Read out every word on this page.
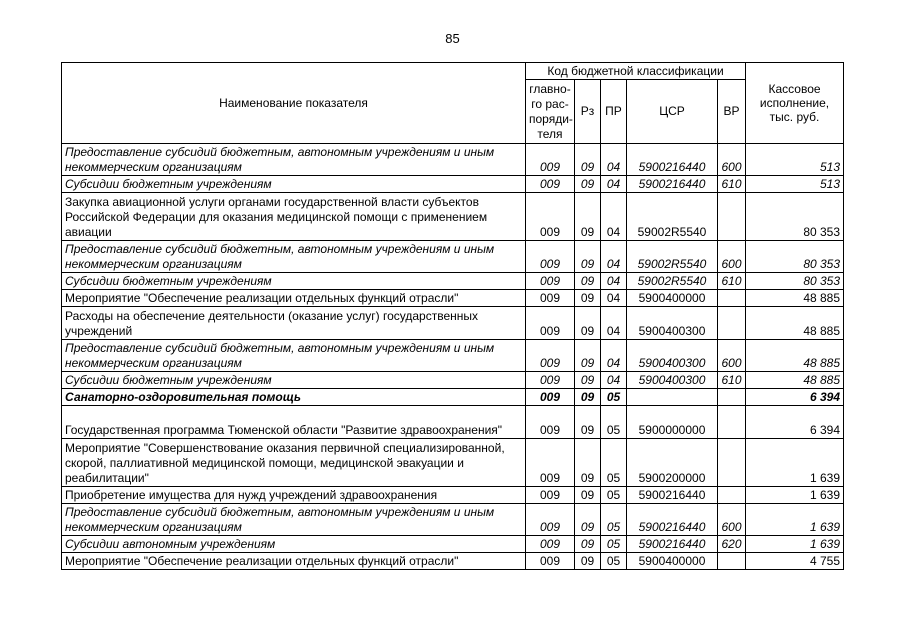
85
Наименование показателя	Код бюджетной классификации					Кассовое исполнение, тыс. руб.
	главно-го рас-поряди-теля	Рз	ПР	ЦСР	ВР	
Предоставление субсидий бюджетным, автономным учреждениям и иным некоммерческим организациям	009	09	04	5900216440	600	513
Субсидии бюджетным учреждениям	009	09	04	5900216440	610	513
Закупка авиационной услуги органами государственной власти субъектов Российской Федерации для оказания медицинской помощи с применением авиации	009	09	04	59002R5540		80 353
Предоставление субсидий бюджетным, автономным учреждениям и иным некоммерческим организациям	009	09	04	59002R5540	600	80 353
Субсидии бюджетным учреждениям	009	09	04	59002R5540	610	80 353
Мероприятие "Обеспечение реализации отдельных функций отрасли"	009	09	04	5900400000		48 885
Расходы на обеспечение деятельности (оказание услуг) государственных учреждений	009	09	04	5900400300		48 885
Предоставление субсидий бюджетным, автономным учреждениям и иным некоммерческим организациям	009	09	04	5900400300	600	48 885
Субсидии бюджетным учреждениям	009	09	04	5900400300	610	48 885
Санаторно-оздоровительная помощь	009	09	05			6 394
Государственная программа Тюменской области "Развитие здравоохранения"	009	09	05	5900000000		6 394
Мероприятие "Совершенствование оказания первичной специализированной, скорой, паллиативной медицинской помощи, медицинской эвакуации и реабилитации"	009	09	05	5900200000		1 639
Приобретение имущества для нужд учреждений здравоохранения	009	09	05	5900216440		1 639
Предоставление субсидий бюджетным, автономным учреждениям и иным некоммерческим организациям	009	09	05	5900216440	600	1 639
Субсидии автономным учреждениям	009	09	05	5900216440	620	1 639
Мероприятие "Обеспечение реализации отдельных функций отрасли"	009	09	05	5900400000		4 755
